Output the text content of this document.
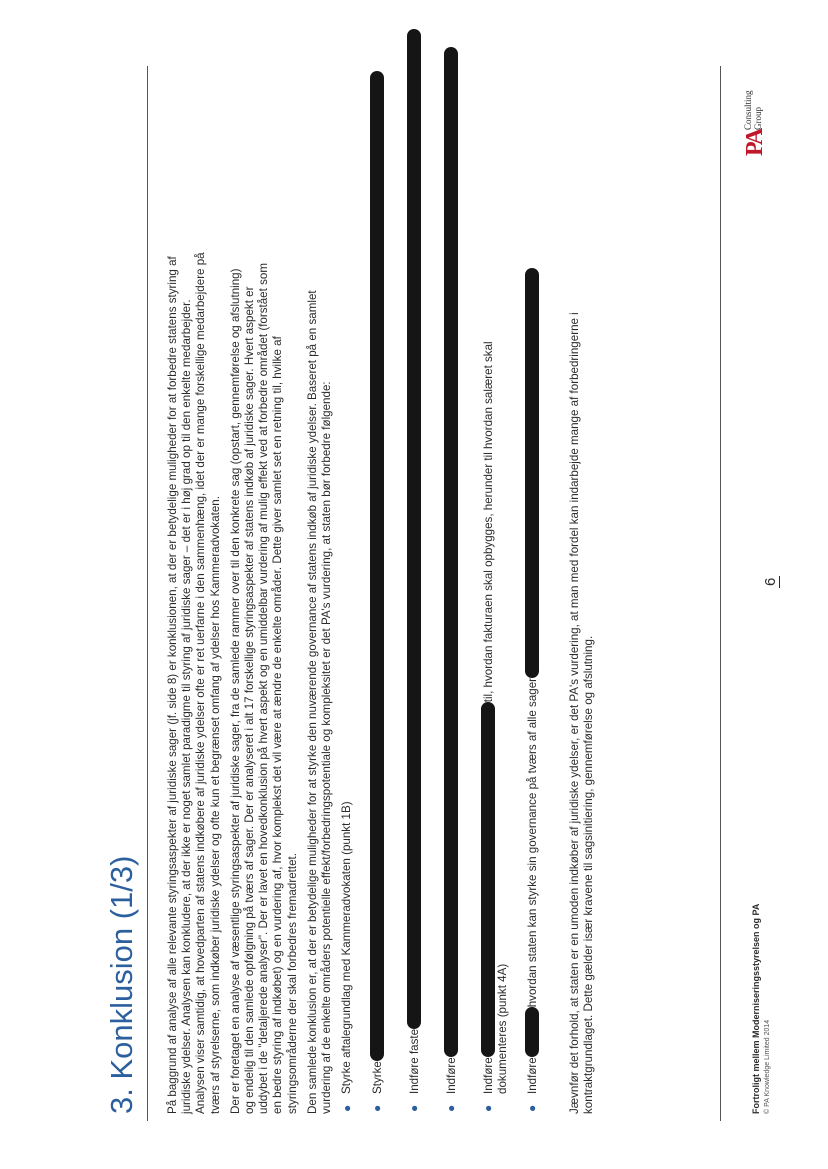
3. Konklusion (1/3) På baggrund af analyse af alle relevante styringsaspekter af juridiske sager (jf. side 8) er konklusionen, at der er betydelige muligheder for at forbedre statens styring af juridiske ydelser. Analysen kan konkludere, at der ikke er noget samlet paradigme til styring af juridiske sager – det er i høj grad op til den enkelte medarbejder. Analysen viser samtidig, at hovedparten af statens indkøbere af juridiske ydelser ofte er ret uerfarne i den sammenhæng, idet der er mange forskellige medarbejdere på tværs af styrelserne, som indkøber juridiske ydelser og ofte kun et begrænset omfang af ydelser hos Kammeradvokaten. Der er foretaget en analyse af væsentlige styringsaspekter af juridiske sager, fra de samlede rammer over til den konkrete sag (opstart, gennemførelse og afslutning) og endelig til den samlede opfølgning på tværs af sager. Der er analyseret i alt 17 forskellige styringsaspekter af statens indkøb af juridiske sager. Hvert aspekt er uddybet i de "detaljerede analyser". Der er lavet en hovedkonklusion på hvert aspekt og en umiddelbar vurdering af mulig effekt ved at forbedre området (forstået som en bedre styring af indkøbet) og en vurdering af, hvor komplekst det vil være at ændre de enkelte områder. Dette giver samlet set en retning til, hvilke af styringsområderne der skal forbedres fremadrettet. Den samlede konklusion er, at der er betydelige muligheder for at styrke den nuværende governance af statens indkøb af juridiske ydelser. Baseret på en samlet vurdering af de enkelte områders potentielle effekt/forbedringspotentiale og kompleksitet er det PA's vurdering, at staten bør forbedre følgende: ●
Styrke aftalegrundlag med Kammeradvokaten (punkt 1B)
●
Styrke
●
Indføre faste
●
Indføre
●
Indføretil, hvordan fakturaen skal opbygges, herunder til hvordan salæret skal
dokumenteres (punkt 4A)
●
Indførehvordan staten kan styrke sin governance på tværs af alle sager	Jævnfør det forhold, at staten er en umoden indkøber af juridiske ydelser, er det PA's vurdering, at man med fordel kan indarbejde mange af forbedringerne i kontraktgrundlaget. Dette gælder især kravene til sagsinitiering, gennemførelse og afslutning.

6
Fortroligt mellem Moderniseringsstyrelsen og PA © PA Knowledge Limited 2014
PA
Consulting
Group
